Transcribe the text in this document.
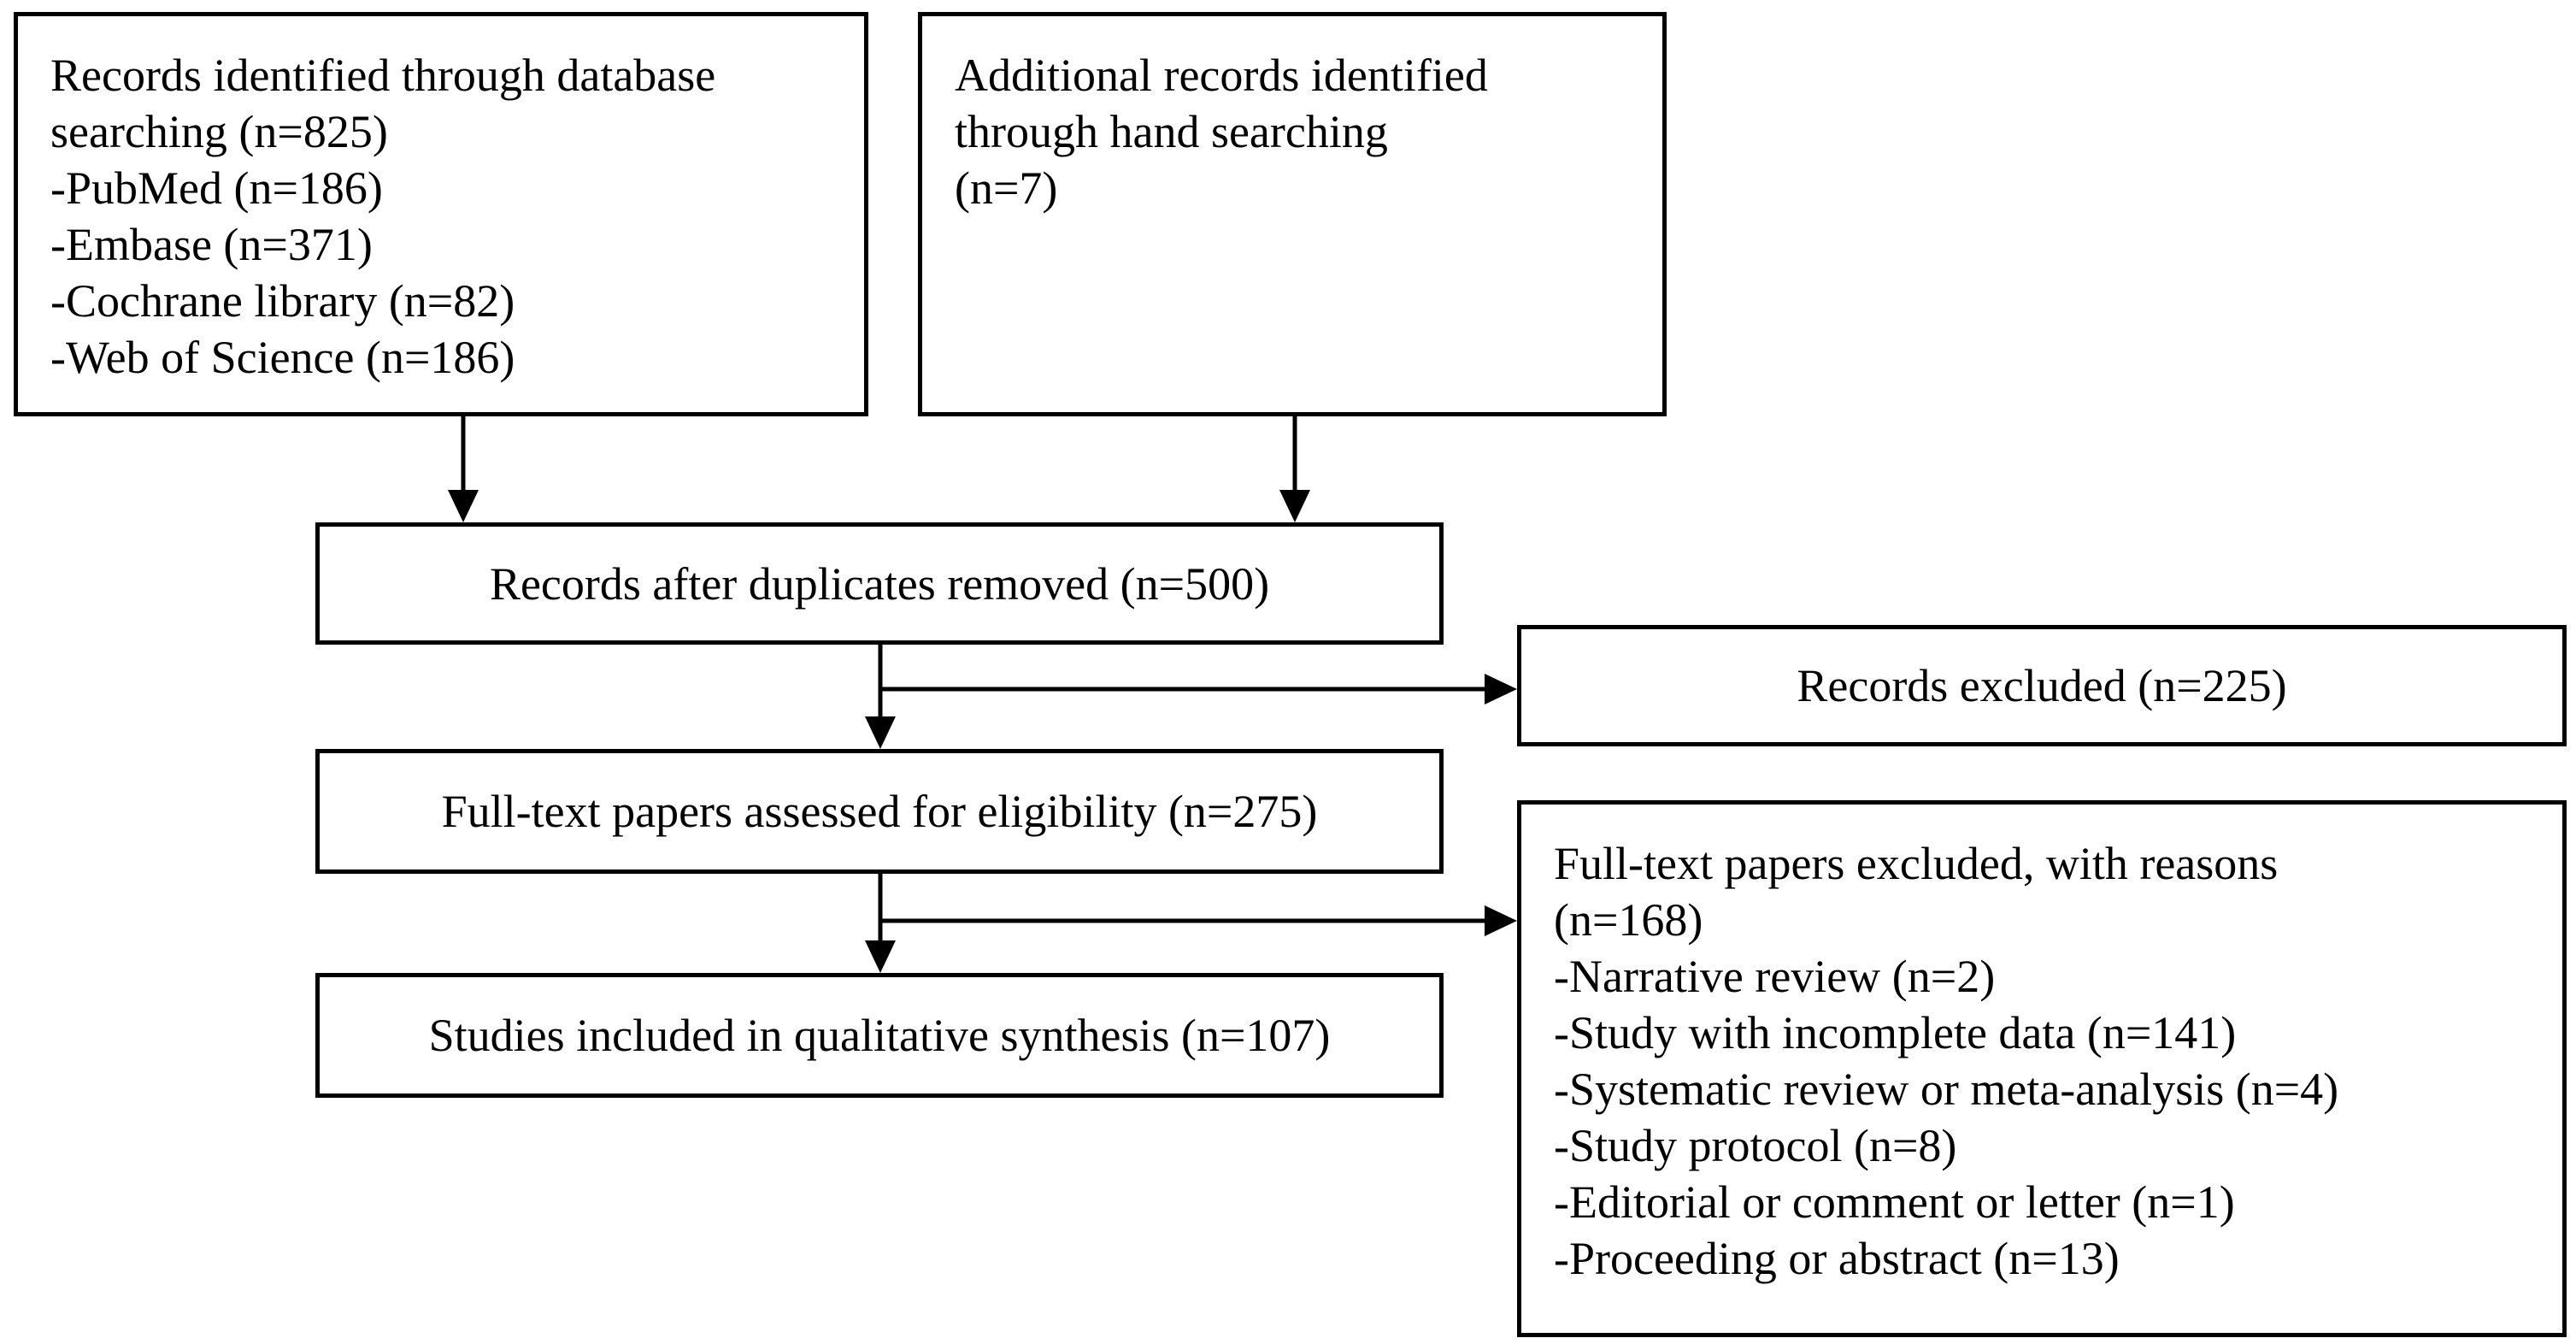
Records identified through database
searching (n=825)
-PubMed (n=186)
-Embase (n=371)
-Cochrane library (n=82)
-Web of Science (n=186)
Additional records identified
through hand searching
(n=7)
Records after duplicates removed (n=500)
Records excluded (n=225)
Full-text papers assessed for eligibility (n=275)
Full-text papers excluded, with reasons
(n=168)
-Narrative review (n=2)
-Study with incomplete data (n=141)
-Systematic review or meta-analysis (n=4)
-Study protocol (n=8)
-Editorial or comment or letter (n=1)
-Proceeding or abstract (n=13)
Studies included in qualitative synthesis (n=107)
